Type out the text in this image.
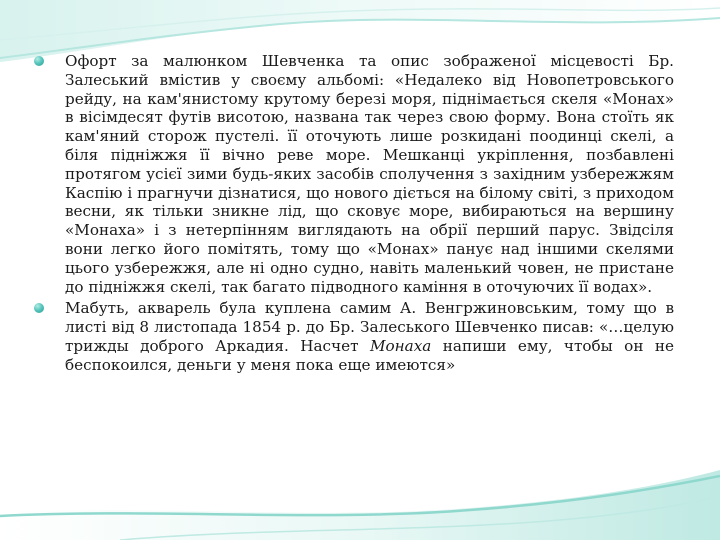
Офорт за малюнком Шевченка та опис зображеної місцевості Бр. Залеський вмістив у своєму альбомі: «Недалеко від Новопетровського рейду, на кам'янистому крутому березі моря, піднімається скеля «Монах» в вісімдесят футів висотою, названа так через свою форму. Вона стоїть як кам'яний сторож пустелі. її оточують лише розкидані поодинці скелі, а біля підніжжя її вічно реве море. Мешканці укріплення, позбавлені протягом усієї зими будь-яких засобів сполучення з західним узбережжям Каспію і прагнучи дізнатися, що нового діється на білому світі, з приходом весни, як тільки зникне лід, що сковує море, вибираються на вершину «Монаха» і з нетерпінням виглядають на обрії перший парус. Звідсіля вони легко його помітять, тому що «Монах» панує над іншими скелями цього узбережжя, але ні одно судно, навіть маленький човен, не пристане до підніжжя скелі, так багато підводного каміння в оточуючих її водах».
Мабуть, акварель була куплена самим А. Венгржиновським, тому що в листі від 8 листопада 1854 р. до Бр. Залеського Шевченко писав: «…целую трижды доброго Аркадия. Насчет Монаха напиши ему, чтобы он не беспокоился, деньги у меня пока еще имеются»
